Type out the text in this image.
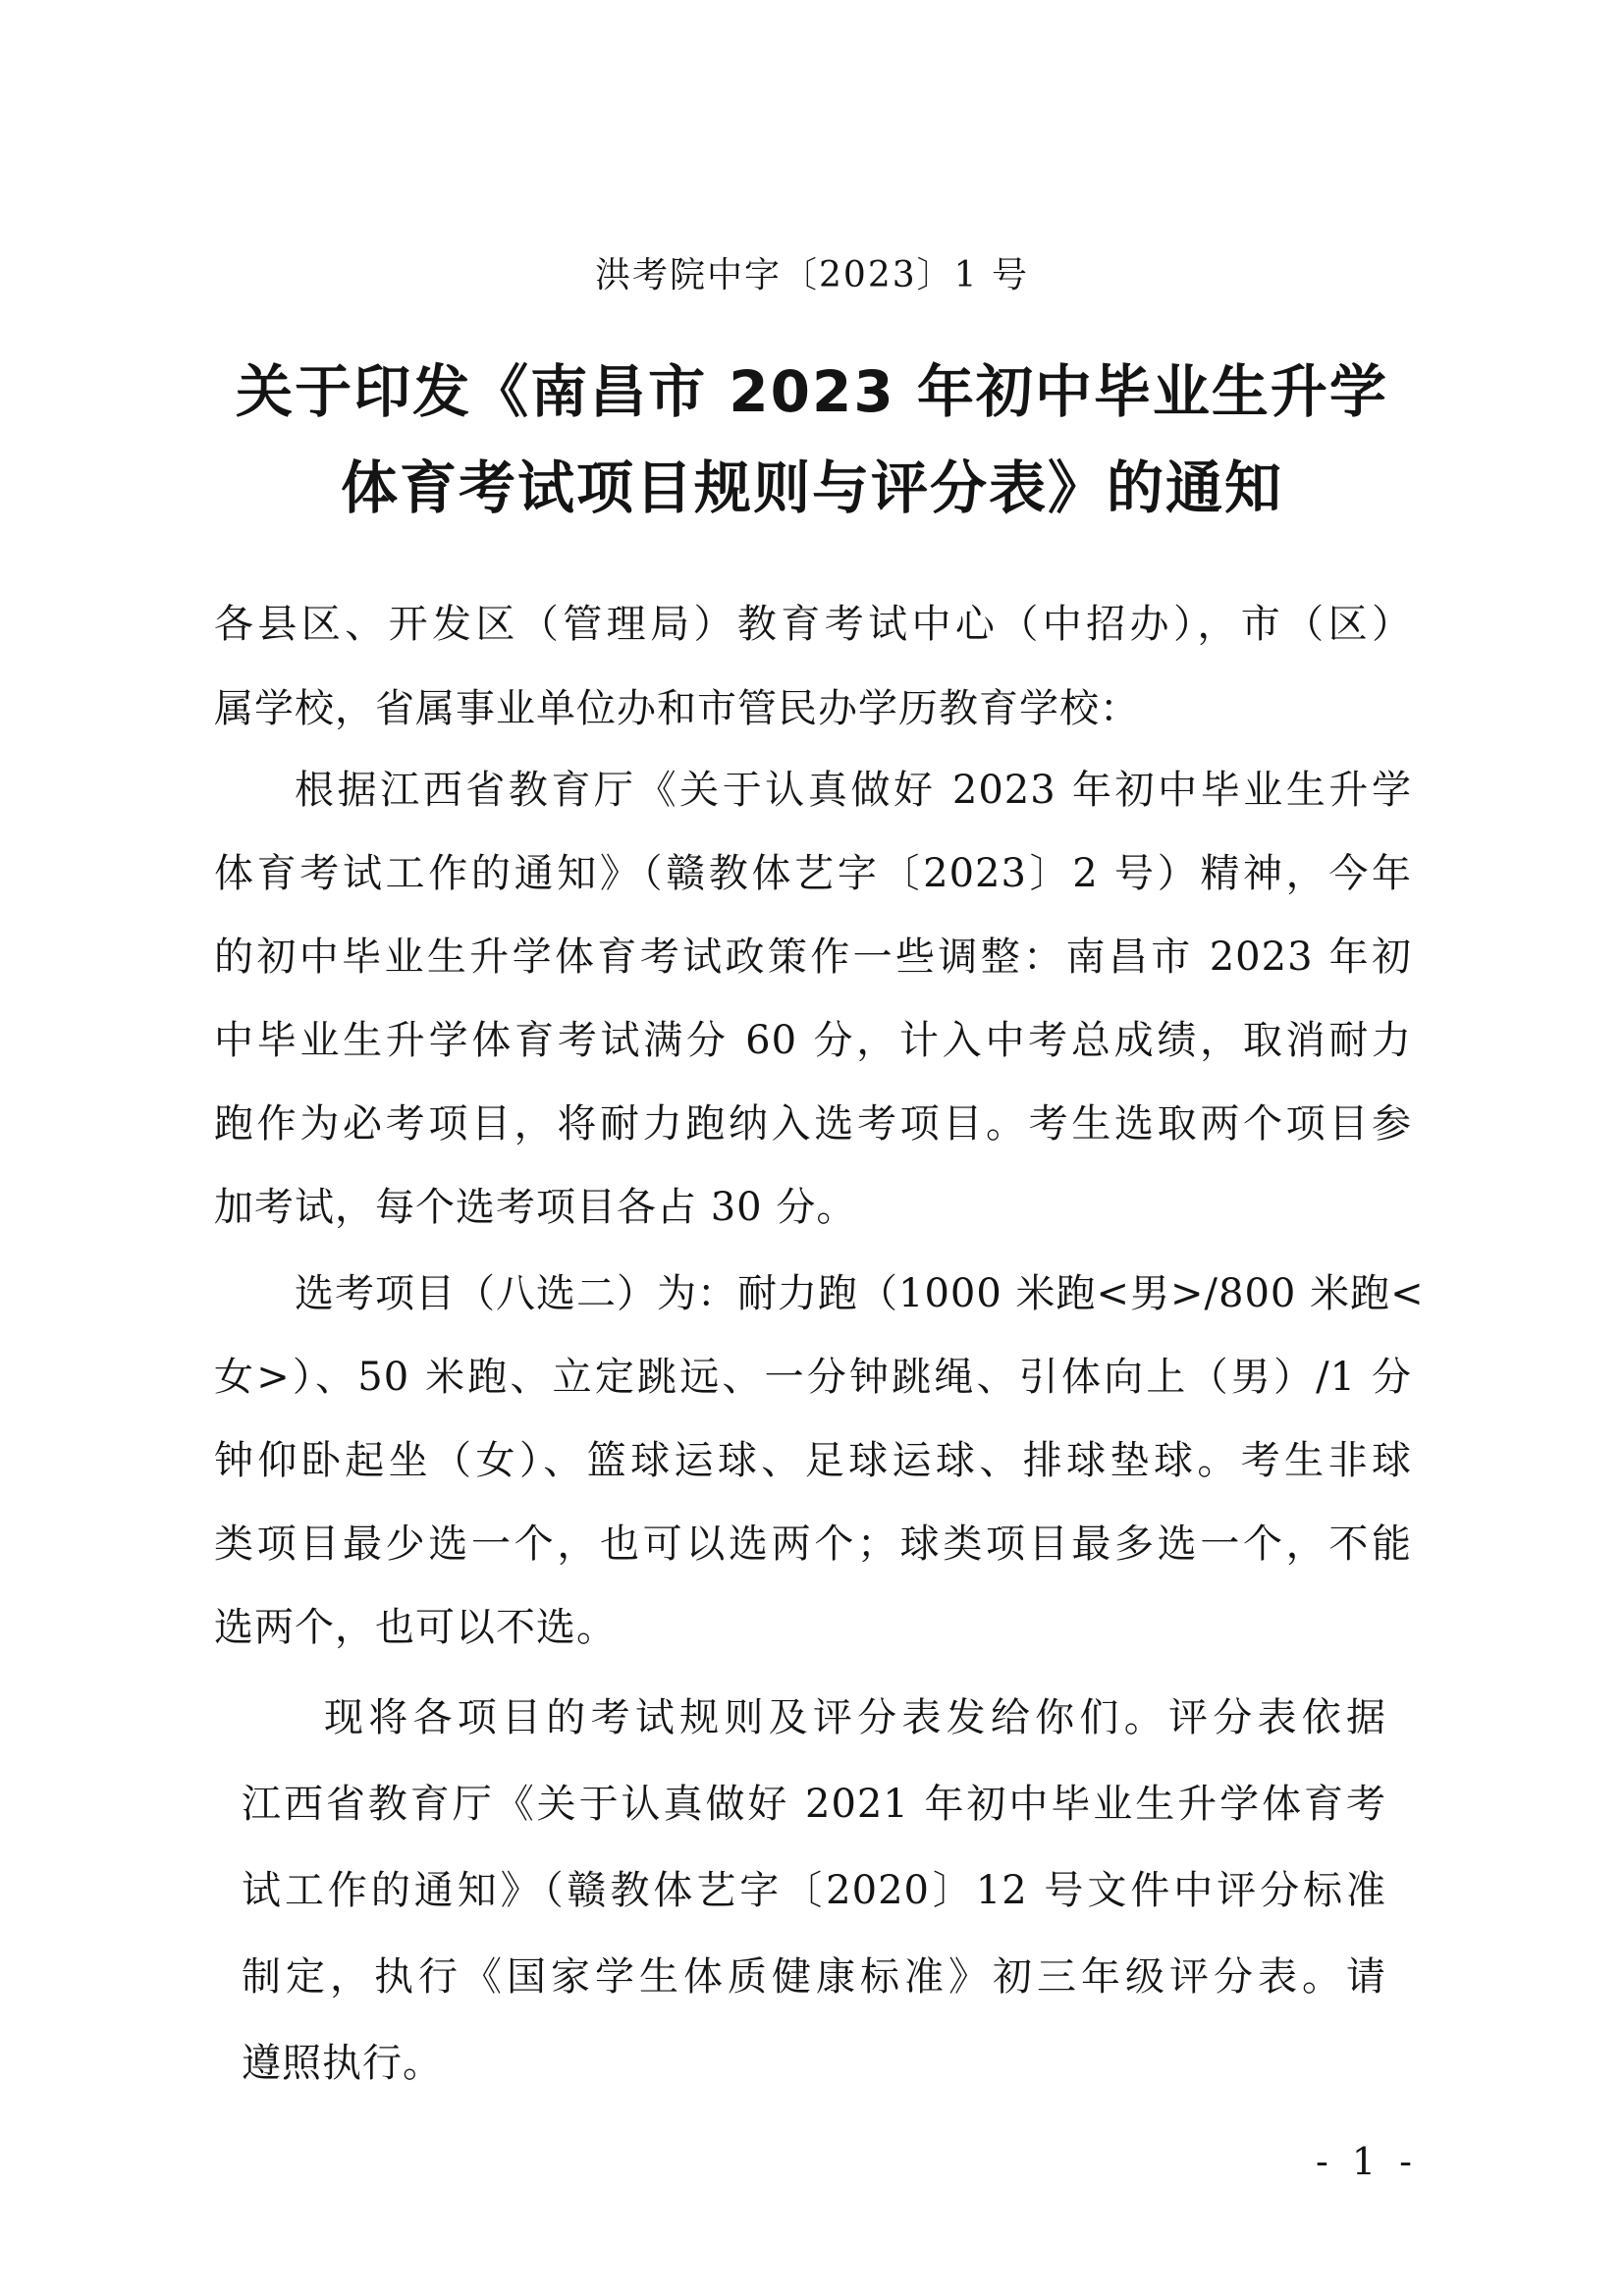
洪考院中字〔2023〕1 号
关于印发《南昌市 2023 年初中毕业生升学
体育考试项目规则与评分表》的通知
各县区、开发区（管理局）教育考试中心（中招办），市（区）
属学校，省属事业单位办和市管民办学历教育学校：
根据江西省教育厅《关于认真做好 2023 年初中毕业生升学
体育考试工作的通知》（赣教体艺字〔2023〕2 号）精神，今年
的初中毕业生升学体育考试政策作一些调整：南昌市 2023 年初
中毕业生升学体育考试满分 60 分，计入中考总成绩，取消耐力
跑作为必考项目，将耐力跑纳入选考项目。考生选取两个项目参
加考试，每个选考项目各占 30 分。
选考项目（八选二）为：耐力跑（1000 米跑<男>/800 米跑<
女>）、50 米跑、立定跳远、一分钟跳绳、引体向上（男）/1 分
钟仰卧起坐（女）、篮球运球、足球运球、排球垫球。考生非球
类项目最少选一个，也可以选两个；球类项目最多选一个，不能
选两个，也可以不选。
现将各项目的考试规则及评分表发给你们。评分表依据
江西省教育厅《关于认真做好 2021 年初中毕业生升学体育考
试工作的通知》（赣教体艺字〔2020〕12 号文件中评分标准
制定，执行《国家学生体质健康标准》初三年级评分表。请
遵照执行。
- 1 -
